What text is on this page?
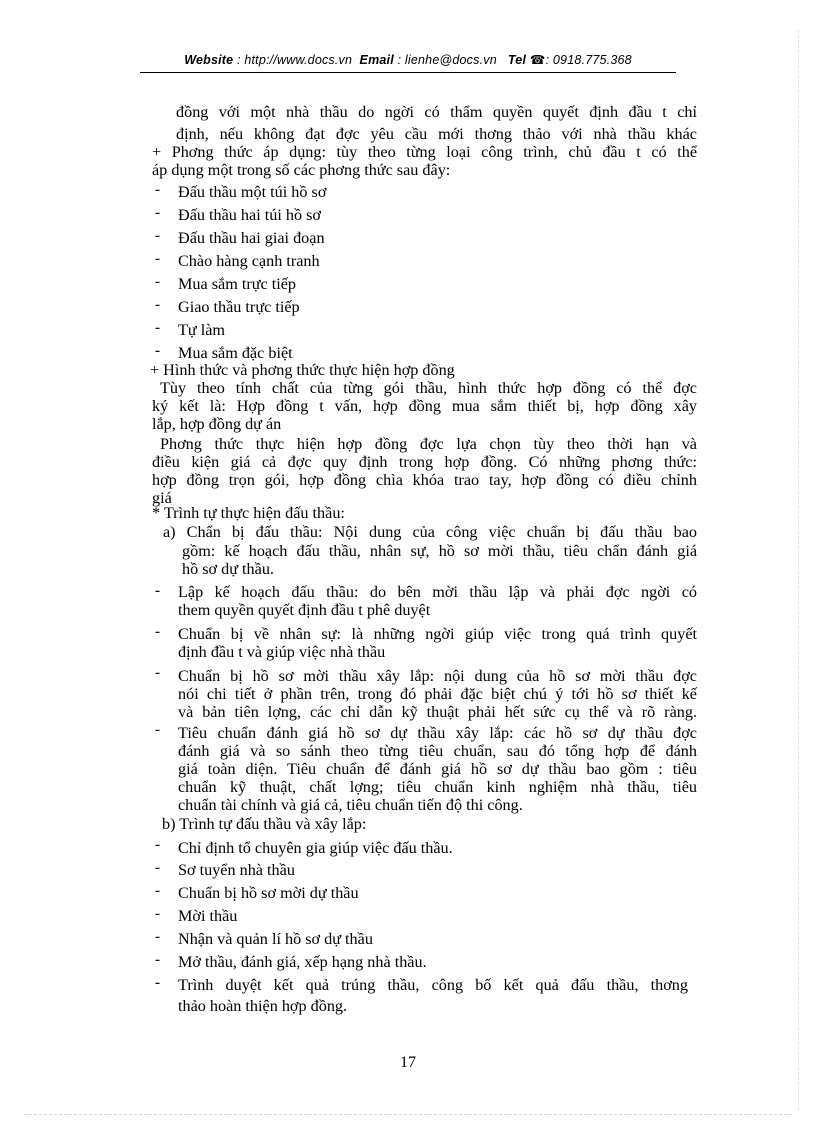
Website : http://www.docs.vn Email : lienhe@docs.vn Tel ☎: 0918.775.368
đồng với một nhà thầu do ngời có thẩm quyền quyết định đầu t chỉ
định, nếu không đạt đợc yêu cầu mới thơng thảo với nhà thầu khác
+ Phơng thức áp dụng: tùy theo từng loại công trình, chủ đầu t có thể
áp dụng một trong số các phơng thức sau đây:
- Đấu thầu một túi hồ sơ
- Đấu thầu hai túi hồ sơ
- Đấu thầu hai giai đoạn
- Chào hàng cạnh tranh
- Mua sắm trực tiếp
- Giao thầu trực tiếp
- Tự làm
- Mua sắm đặc biệt
+ Hình thức và phơng thức thực hiện hợp đồng
Tùy theo tính chất của từng gói thầu, hình thức hợp đồng có thể đợc
ký kết là: Hợp đồng t vấn, hợp đồng mua sắm thiết bị, hợp đồng xây
lắp, hợp đồng dự án
Phơng thức thực hiện hợp đồng đợc lựa chọn tùy theo thời hạn và
điều kiện giá cả đợc quy định trong hợp đồng. Có những phơng thức:
hợp đồng trọn gói, hợp đồng chìa khóa trao tay, hợp đồng có điều chỉnh
giá
* Trình tự thực hiện đấu thầu:
a) Chẩn bị đấu thầu: Nội dung của công việc chuẩn bị đấu thầu bao
gồm: kế hoạch đấu thầu, nhân sự, hồ sơ mời thầu, tiêu chẩn đánh giá
hồ sơ dự thầu.
- Lập kế hoạch đấu thầu: do bên mời thầu lập và phải đợc ngời có
them quyền quyết định đầu t phê duyệt
- Chuẩn bị về nhân sự: là những ngời giúp việc trong quá trình quyết
định đầu t và giúp việc nhà thầu
- Chuẩn bị hồ sơ mời thầu xây lắp: nội dung của hồ sơ mời thầu đợc
nói chi tiết ở phần trên, trong đó phải đặc biệt chú ý tới hồ sơ thiết kế
và bản tiên lợng, các chỉ dẫn kỹ thuật phải hết sức cụ thể và rõ ràng.
- Tiêu chuẩn đánh giá hồ sơ dự thầu xây lắp: các hồ sơ dự thầu đợc
đánh giá và so sánh theo từng tiêu chuẩn, sau đó tổng hợp để đánh
giá toàn diện. Tiêu chuẩn để đánh giá hồ sơ dự thầu bao gồm : tiêu
chuẩn kỹ thuật, chất lợng; tiêu chuẩn kinh nghiệm nhà thầu, tiêu
chuẩn tài chính và giá cả, tiêu chuẩn tiến độ thi công.
b) Trình tự đấu thầu và xây lắp:
- Chỉ định tổ chuyên gia giúp việc đấu thầu.
- Sơ tuyển nhà thầu
- Chuẩn bị hồ sơ mời dự thầu
- Mời thầu
- Nhận và quản lí hồ sơ dự thầu
- Mở thầu, đánh giá, xếp hạng nhà thầu.
- Trình duyệt kết quả trúng thầu, công bố kết quả đấu thầu, thơng
thảo hoàn thiện hợp đồng.
17
